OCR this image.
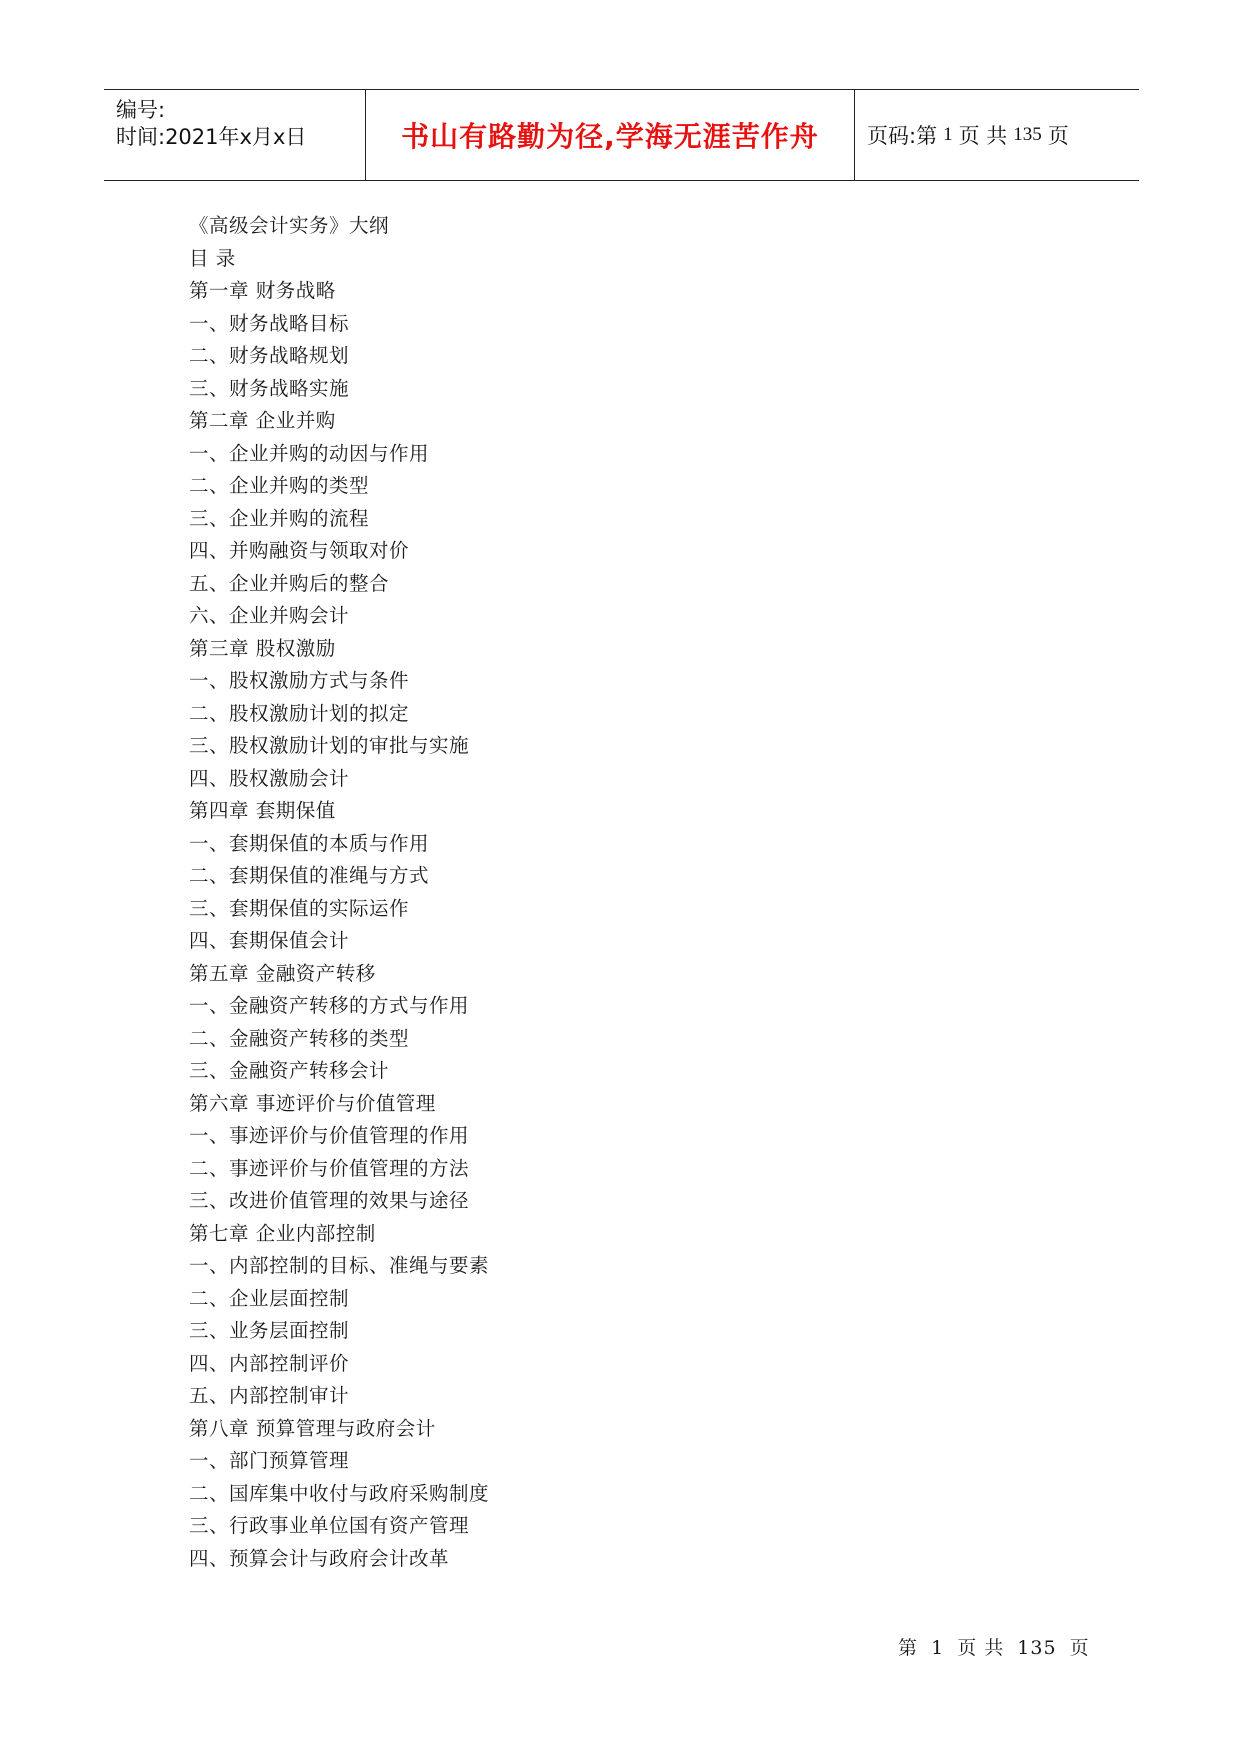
编号:
时间:2021年x月x日	书山有路勤为径,学海无涯苦作舟 页码:第 1 页 共 135 页
《高级会计实务》大纲
目 录
第一章 财务战略
一、财务战略目标
二、财务战略规划
三、财务战略实施
第二章 企业并购
一、企业并购的动因与作用
二、企业并购的类型
三、企业并购的流程
四、并购融资与领取对价
五、企业并购后的整合
六、企业并购会计
第三章 股权激励
一、股权激励方式与条件
二、股权激励计划的拟定
三、股权激励计划的审批与实施
四、股权激励会计
第四章 套期保值
一、套期保值的本质与作用
二、套期保值的准绳与方式
三、套期保值的实际运作
四、套期保值会计
第五章 金融资产转移
一、金融资产转移的方式与作用
二、金融资产转移的类型
三、金融资产转移会计
第六章 事迹评价与价值管理
一、事迹评价与价值管理的作用
二、事迹评价与价值管理的方法
三、改进价值管理的效果与途径
第七章 企业内部控制
一、内部控制的目标、准绳与要素
二、企业层面控制
三、业务层面控制
四、内部控制评价
五、内部控制审计
第八章 预算管理与政府会计
一、部门预算管理
二、国库集中收付与政府采购制度
三、行政事业单位国有资产管理
四、预算会计与政府会计改革
第 1 页 共 135 页
